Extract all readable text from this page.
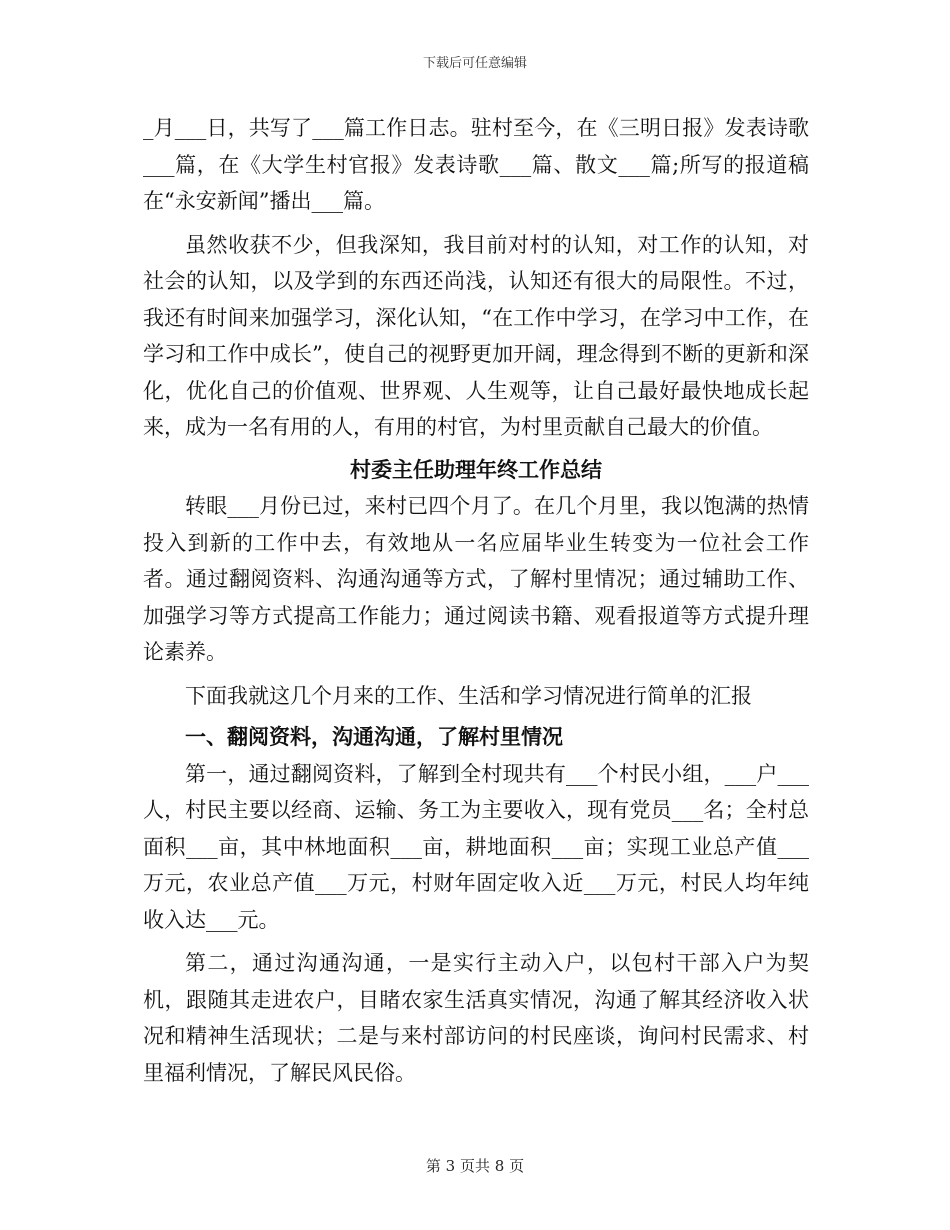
下载后可任意编辑

_月___日，共写了___篇工作日志。驻村至今，在《三明日报》发表诗歌___篇，在《大学生村官报》发表诗歌___篇、散文___篇;所写的报道稿在“永安新闻”播出___篇。

虽然收获不少，但我深知，我目前对村的认知，对工作的认知，对社会的认知，以及学到的东西还尚浅，认知还有很大的局限性。不过，我还有时间来加强学习，深化认知，“在工作中学习，在学习中工作，在学习和工作中成长”，使自己的视野更加开阔，理念得到不断的更新和深化，优化自己的价值观、世界观、人生观等，让自己最好最快地成长起来，成为一名有用的人，有用的村官，为村里贡献自己最大的价值。

村委主任助理年终工作总结

转眼___月份已过，来村已四个月了。在几个月里，我以饱满的热情投入到新的工作中去，有效地从一名应届毕业生转变为一位社会工作者。通过翻阅资料、沟通沟通等方式，了解村里情况；通过辅助工作、加强学习等方式提高工作能力；通过阅读书籍、观看报道等方式提升理论素养。

下面我就这几个月来的工作、生活和学习情况进行简单的汇报

一、翻阅资料，沟通沟通，了解村里情况

第一，通过翻阅资料，了解到全村现共有___个村民小组，___户___人，村民主要以经商、运输、务工为主要收入，现有党员___名；全村总面积___亩，其中林地面积___亩，耕地面积___亩；实现工业总产值___万元，农业总产值___万元，村财年固定收入近___万元，村民人均年纯收入达___元。

第二，通过沟通沟通，一是实行主动入户，以包村干部入户为契机，跟随其走进农户，目睹农家生活真实情况，沟通了解其经济收入状况和精神生活现状；二是与来村部访问的村民座谈，询问村民需求、村里福利情况，了解民风民俗。

第 3 页共 8 页
